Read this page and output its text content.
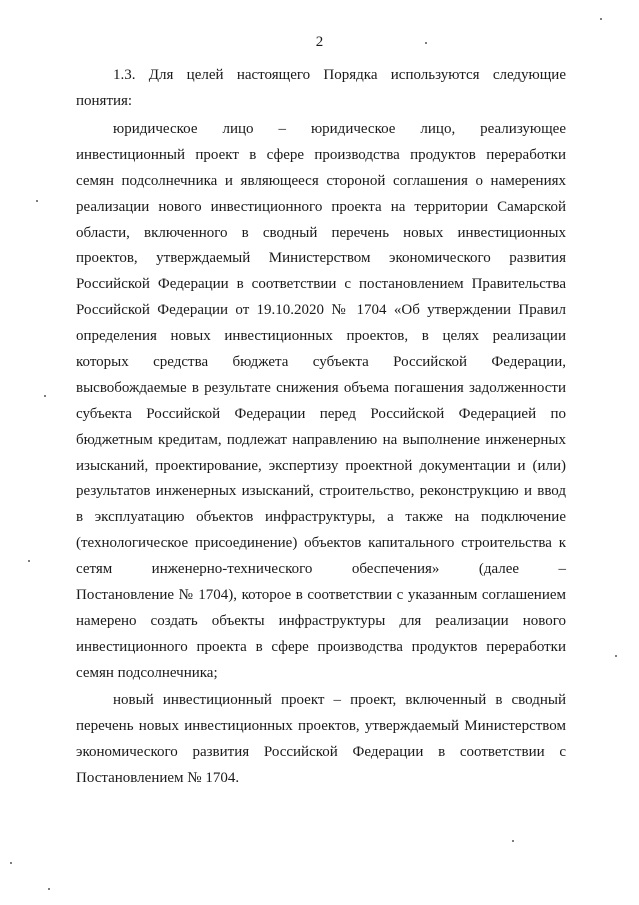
2
1.3. Для целей настоящего Порядка используются следующие
понятия:
юридическое лицо – юридическое лицо, реализующее
инвестиционный проект в сфере производства продуктов переработки
семян подсолнечника и являющееся стороной соглашения о намерениях
реализации нового инвестиционного проекта на территории Самарской
области, включенного в сводный перечень новых инвестиционных
проектов, утверждаемый Министерством экономического развития
Российской Федерации в соответствии с постановлением Правительства
Российской Федерации от 19.10.2020 № 1704 «Об утверждении Правил
определения новых инвестиционных проектов, в целях реализации
которых средства бюджета субъекта Российской Федерации,
высвобождаемые в результате снижения объема погашения задолженности
субъекта Российской Федерации перед Российской Федерацией по
бюджетным кредитам, подлежат направлению на выполнение инженерных
изысканий, проектирование, экспертизу проектной документации и (или)
результатов инженерных изысканий, строительство, реконструкцию и ввод
в эксплуатацию объектов инфраструктуры, а также на подключение
(технологическое присоединение) объектов капитального строительства к
сетям инженерно-технического обеспечения» (далее –
Постановление № 1704), которое в соответствии с указанным соглашением
намерено создать объекты инфраструктуры для реализации нового
инвестиционного проекта в сфере производства продуктов переработки
семян подсолнечника;
новый инвестиционный проект – проект, включенный в сводный
перечень новых инвестиционных проектов, утверждаемый Министерством
экономического развития Российской Федерации в соответствии с
Постановлением № 1704.
